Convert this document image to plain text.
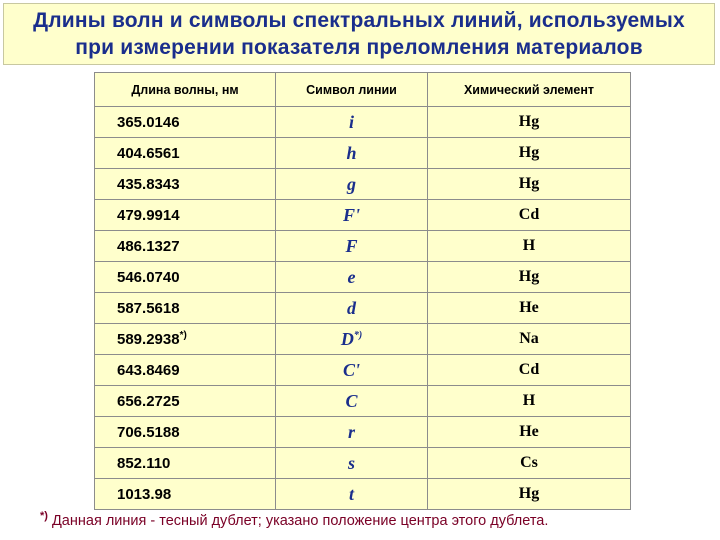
Длины волн и символы спектральных линий, используемых
при измерении показателя преломления материалов
Длина волны, нм	Символ линии	Химический элемент
365.0146	i	Hg
404.6561	h	Hg
435.8343	g	Hg
479.9914	F'	Cd
486.1327	F	H
546.0740	e	Hg
587.5618	d	He
589.2938*)	D*)	Na
643.8469	C'	Cd
656.2725	C	H
706.5188	r	He
852.110	s	Cs
1013.98	t	Hg
*) Данная линия - тесный дублет; указано положение центра этого дублета.
